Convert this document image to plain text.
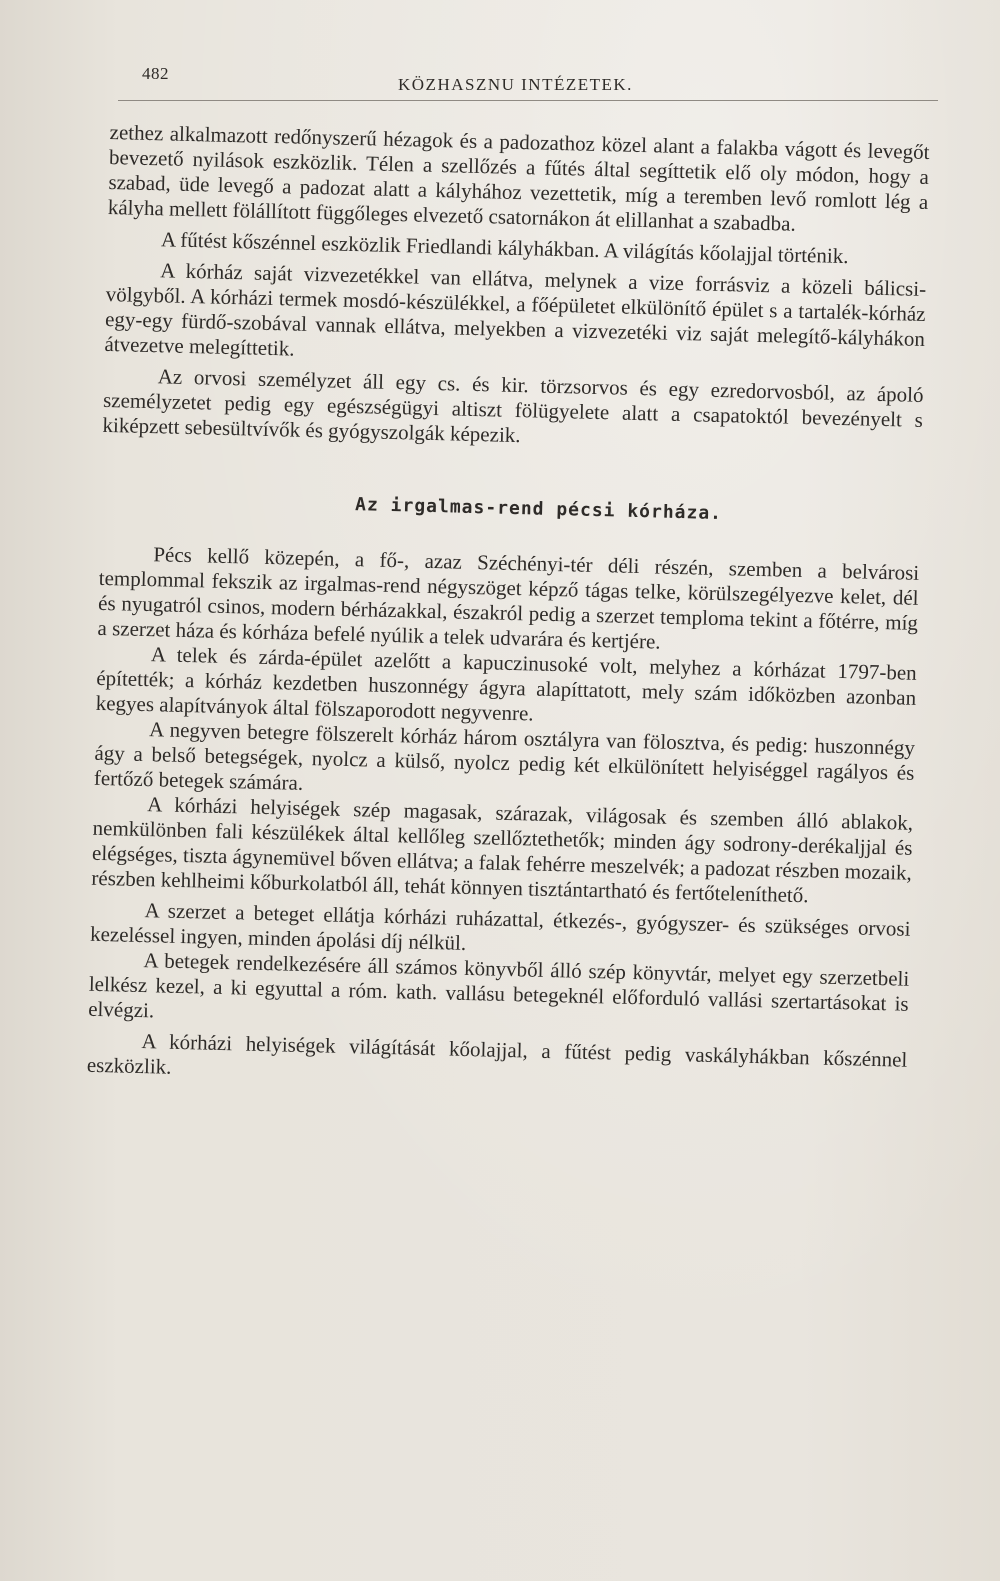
482
KÖZHASZNU INTÉZETEK.

zethez alkalmazott redőnyszerű hézagok és a padozathoz közel alant a falakba vágott és levegőt bevezető nyilások eszközlik. Télen a szellőzés a fűtés által segíttetik elő oly módon, hogy a szabad, üde levegő a padozat alatt a kályhához vezettetik, míg a teremben levő romlott lég a kályha mellett fölállított függőleges elvezető csatornákon át elillanhat a szabadba.

A fűtést kőszénnel eszközlik Friedlandi kályhákban. A világítás kőolajjal történik.

A kórház saját vizvezetékkel van ellátva, melynek a vize forrásviz a közeli bálicsi-völgyből. A kórházi termek mosdó-készülékkel, a főépületet elkülönítő épület s a tartalék-kórház egy-egy fürdő-szobával vannak ellátva, melyekben a vizvezetéki viz saját melegítő-kályhákon átvezetve melegíttetik.

Az orvosi személyzet áll egy cs. és kir. törzsorvos és egy ezredorvosból, az ápoló személyzetet pedig egy egészségügyi altiszt fölügyelete alatt a csapatoktól bevezényelt s kiképzett sebesültvívők és gyógyszolgák képezik.

Az irgalmas-rend pécsi kórháza.

Pécs kellő közepén, a fő-, azaz Széchényi-tér déli részén, szemben a belvárosi templommal fekszik az irgalmas-rend négyszöget képző tágas telke, körülszegélyezve kelet, dél és nyugatról csinos, modern bérházakkal, északról pedig a szerzet temploma tekint a főtérre, míg a szerzet háza és kórháza befelé nyúlik a telek udvarára és kertjére.

A telek és zárda-épület azelőtt a kapuczinusoké volt, melyhez a kórházat 1797-ben építették; a kórház kezdetben huszonnégy ágyra alapíttatott, mely szám időközben azonban kegyes alapítványok által fölszaporodott negyvenre.

A negyven betegre fölszerelt kórház három osztályra van fölosztva, és pedig: huszonnégy ágy a belső betegségek, nyolcz a külső, nyolcz pedig két elkülönített helyiséggel ragályos és fertőző betegek számára.

A kórházi helyiségek szép magasak, szárazak, világosak és szemben álló ablakok, nemkülönben fali készülékek által kellőleg szellőztethetők; minden ágy sodrony-derékaljjal és elégséges, tiszta ágynemüvel bőven ellátva; a falak fehérre meszelvék; a padozat részben mozaik, részben kehlheimi kőburkolatból áll, tehát könnyen tisztántartható és fertőteleníthető.

A szerzet a beteget ellátja kórházi ruházattal, étkezés-, gyógyszer- és szükséges orvosi kezeléssel ingyen, minden ápolási díj nélkül.

A betegek rendelkezésére áll számos könyvből álló szép könyvtár, melyet egy szerzetbeli lelkész kezel, a ki egyuttal a róm. kath. vallásu betegeknél előforduló vallási szertartásokat is elvégzi.

A kórházi helyiségek világítását kőolajjal, a fűtést pedig vaskályhákban kőszénnel eszközlik.
